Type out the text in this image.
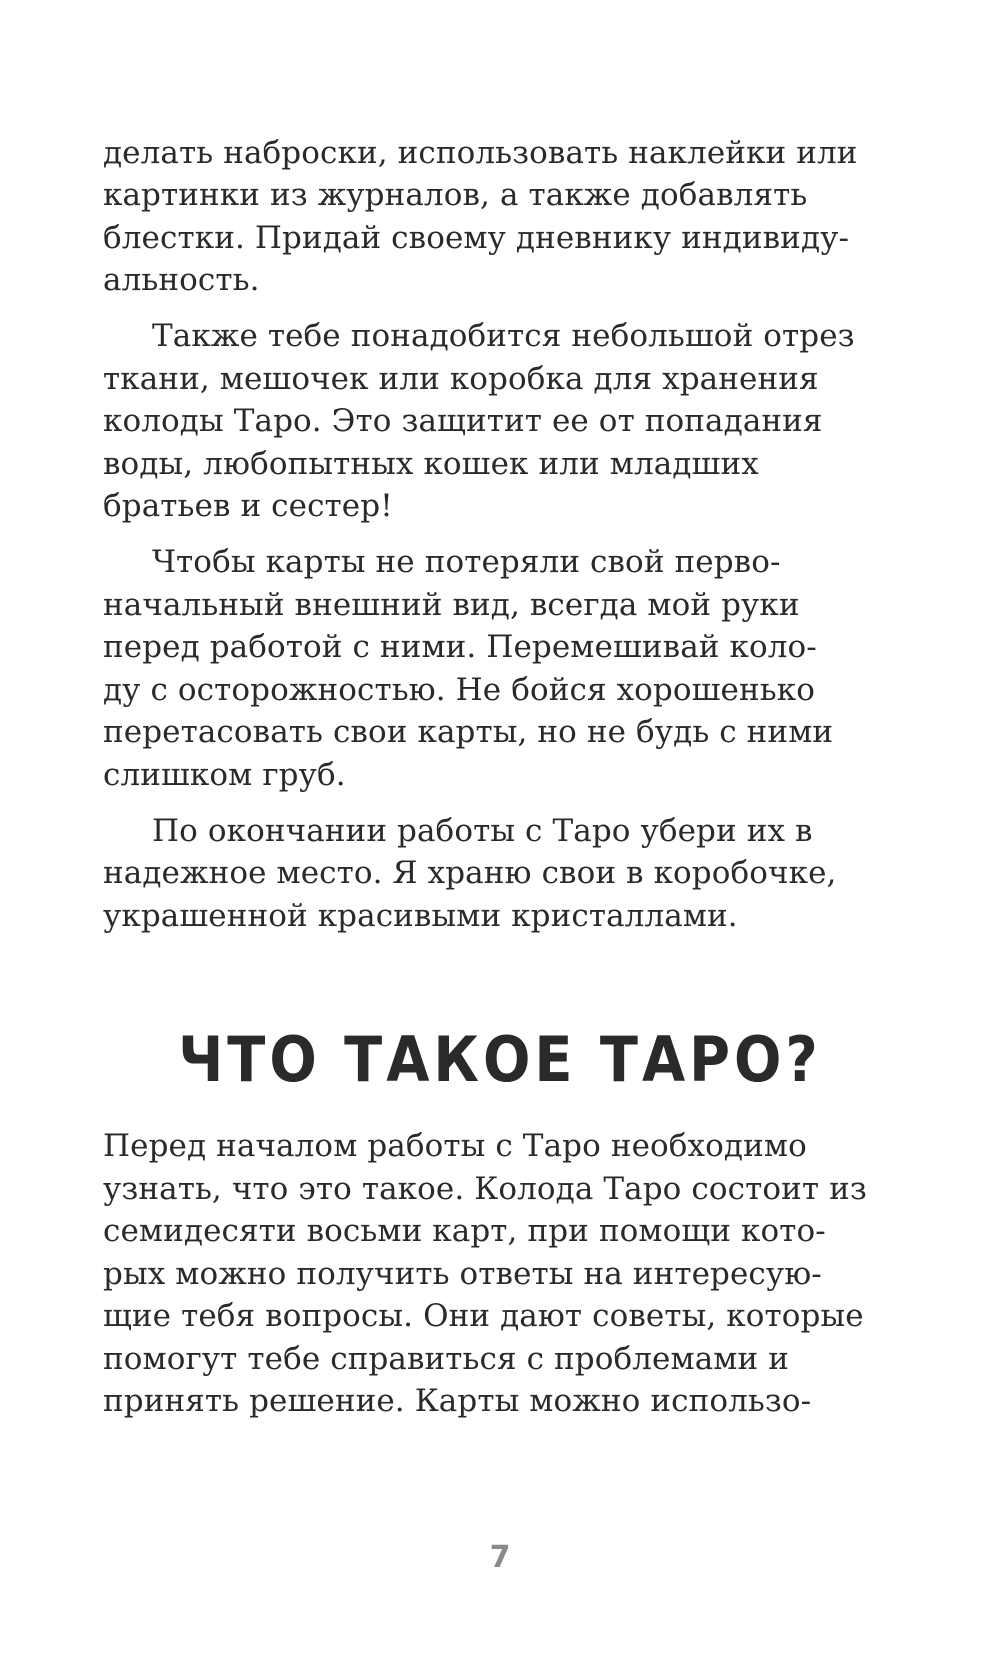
делать наброски, использовать наклейки или
картинки из журналов, а также добавлять
блестки. Придай своему дневнику индивиду-
альность.
Также тебе понадобится небольшой отрез
ткани, мешочек или коробка для хранения
колоды Таро. Это защитит ее от попадания
воды, любопытных кошек или младших
братьев и сестер!
Чтобы карты не потеряли свой перво-
начальный внешний вид, всегда мой руки
перед работой с ними. Перемешивай коло-
ду с осторожностью. Не бойся хорошенько
перетасовать свои карты, но не будь с ними
слишком груб.
По окончании работы с Таро убери их в
надежное место. Я храню свои в коробочке,
украшенной красивыми кристаллами.
ЧТО ТАКОЕ ТАРО?
Перед началом работы с Таро необходимо
узнать, что это такое. Колода Таро состоит из
семидесяти восьми карт, при помощи кото-
рых можно получить ответы на интересую-
щие тебя вопросы. Они дают советы, которые
помогут тебе справиться с проблемами и
принять решение. Карты можно использо-
7
